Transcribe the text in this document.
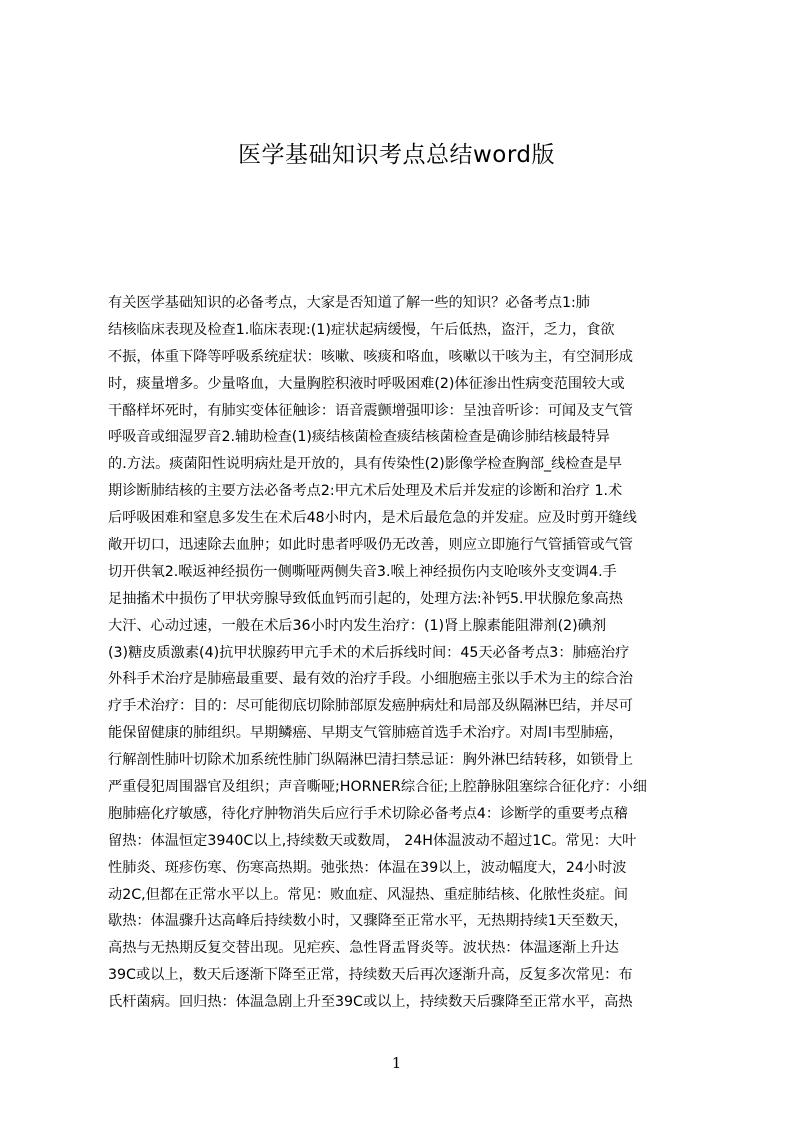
医学基础知识考点总结word版
有关医学基础知识的必备考点，大家是否知道了解一些的知识？必备考点1:肺
结核临床表现及检查1.临床表现:(1)症状起病缓慢，午后低热，盗汗，乏力，食欲
不振，体重下降等呼吸系统症状：咳嗽、咳痰和咯血，咳嗽以干咳为主，有空洞形成
时，痰量增多。少量咯血，大量胸腔积液时呼吸困难(2)体征渗出性病变范围较大或
干酪样坏死时，有肺实变体征触诊：语音震颤增强叩诊：呈浊音听诊：可闻及支气管
呼吸音或细湿罗音2.辅助检查(1)痰结核菌检查痰结核菌检查是确诊肺结核最特异
的.方法。痰菌阳性说明病灶是开放的，具有传染性(2)影像学检查胸部_线检查是早
期诊断肺结核的主要方法必备考点2:甲亢术后处理及术后并发症的诊断和治疗 1.术
后呼吸困难和窒息多发生在术后48小时内，是术后最危急的并发症。应及时剪开缝线
敞开切口，迅速除去血肿；如此时患者呼吸仍无改善，则应立即施行气管插管或气管
切开供氧2.喉返神经损伤一侧嘶哑两侧失音3.喉上神经损伤内支呛咳外支变调4.手
足抽搐术中损伤了甲状旁腺导致低血钙而引起的，处理方法:补钙5.甲状腺危象高热
大汗、心动过速，一般在术后36小时内发生治疗：(1)肾上腺素能阻滞剂(2)碘剂
(3)糖皮质激素(4)抗甲状腺药甲亢手术的术后拆线时间：45天必备考点3：肺癌治疗
外科手术治疗是肺癌最重要、最有效的治疗手段。小细胞癌主张以手术为主的综合治
疗手术治疗：目的：尽可能彻底切除肺部原发癌肿病灶和局部及纵隔淋巴结，并尽可
能保留健康的肺组织。早期鳞癌、早期支气管肺癌首选手术治疗。对周Ⅰ韦型肺癌，
行解剖性肺叶切除术加系统性肺门纵隔淋巴清扫禁忌证：胸外淋巴结转移，如锁骨上
严重侵犯周围器官及组织；声音嘶哑;HORNER综合征;上腔静脉阻塞综合征化疗：小细
胞肺癌化疗敏感，待化疗肿物消失后应行手术切除必备考点4：诊断学的重要考点稽
留热：体温恒定3940C以上,持续数天或数周， 24H体温波动不超过1C。常见：大叶
性肺炎、斑疹伤寒、伤寒高热期。弛张热：体温在39以上，波动幅度大，24小时波
动2C,但都在正常水平以上。常见：败血症、风湿热、重症肺结核、化脓性炎症。间
歇热：体温骤升达高峰后持续数小时，又骤降至正常水平，无热期持续1天至数天，
高热与无热期反复交替出现。见疟疾、急性肾盂肾炎等。波状热：体温逐渐上升达
39C或以上，数天后逐渐下降至正常，持续数天后再次逐渐升高，反复多次常见：布
氏杆菌病。回归热：体温急剧上升至39C或以上，持续数天后骤降至正常水平，高热
1
